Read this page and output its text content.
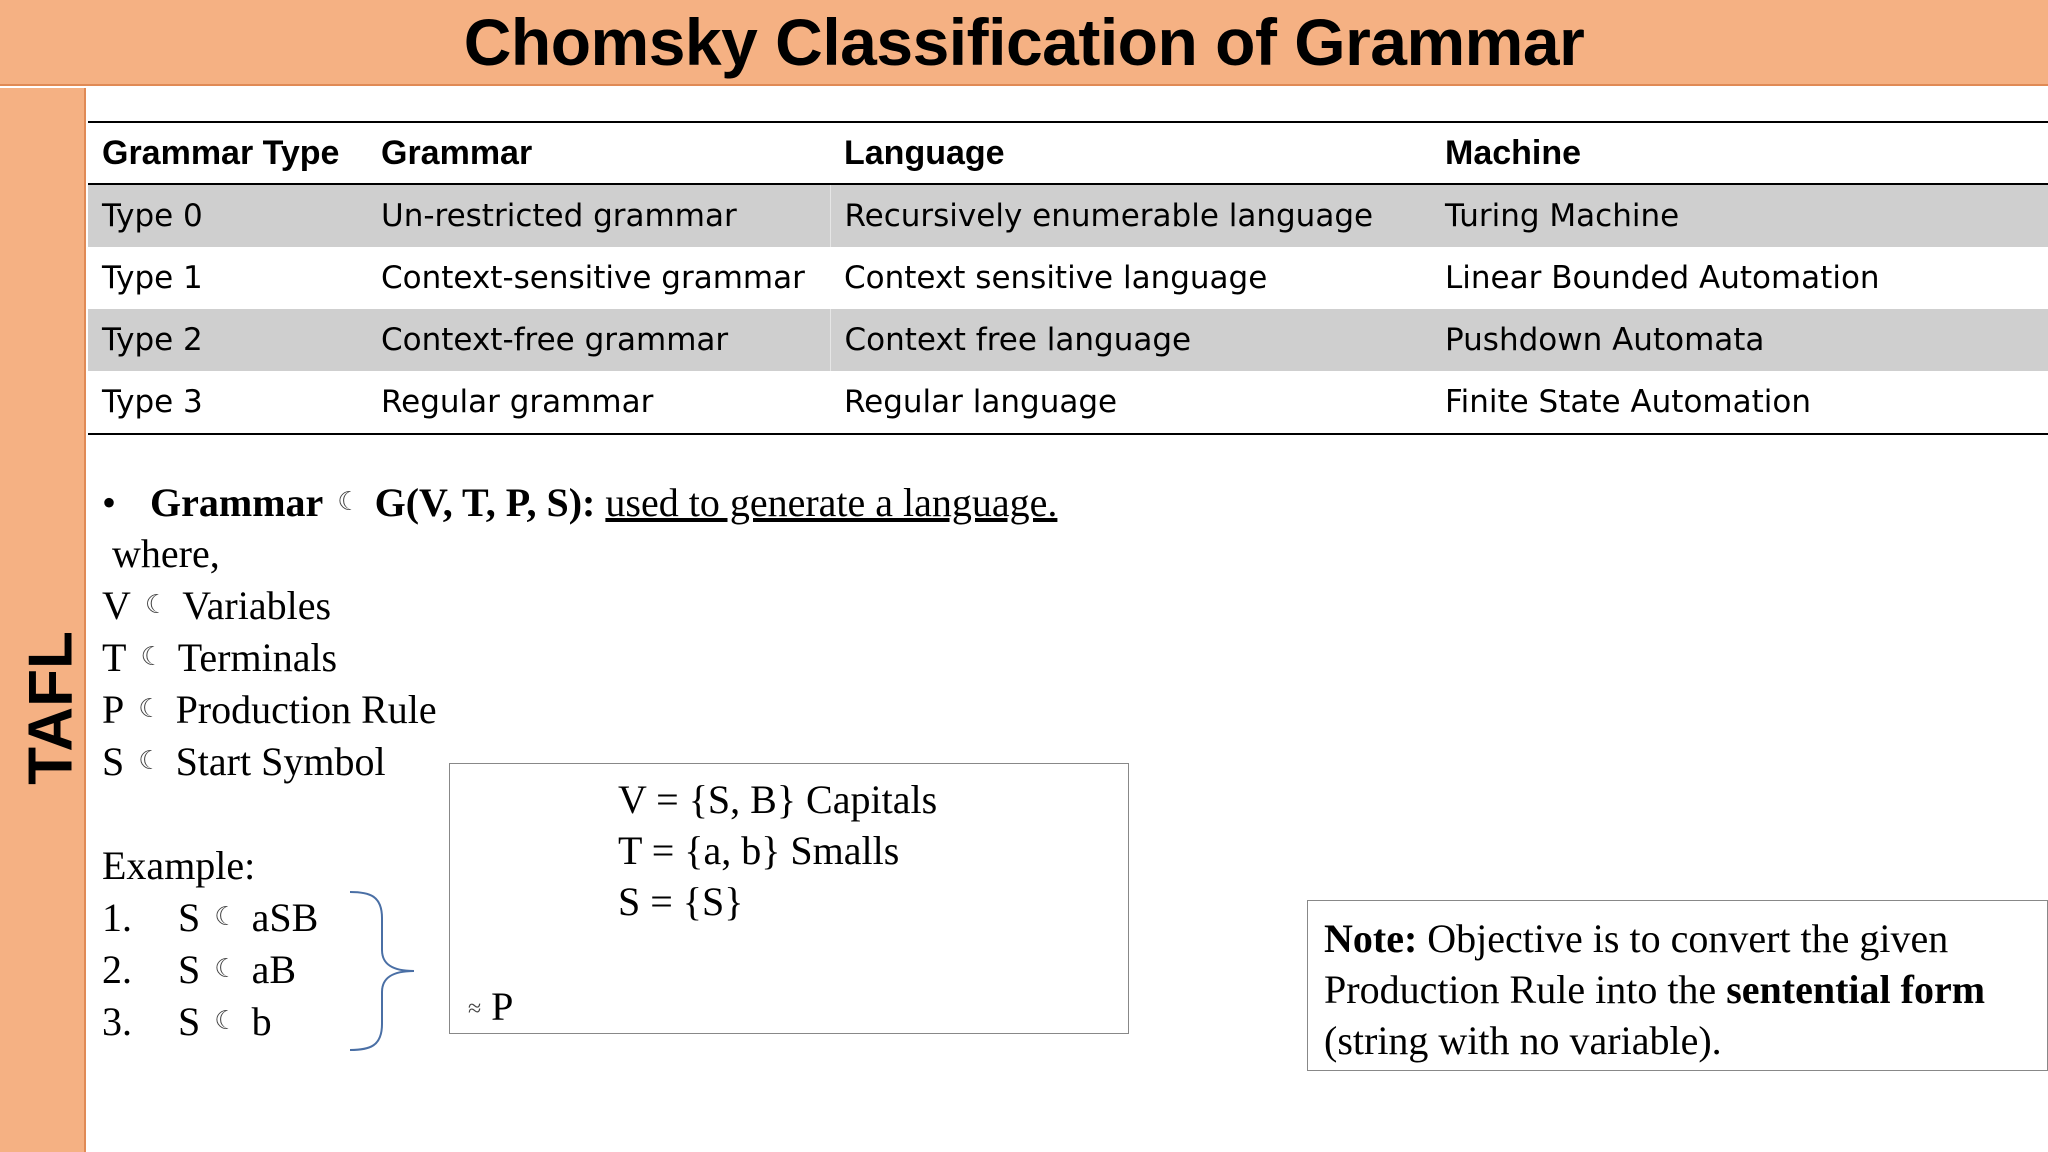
Chomsky Classification of Grammar
TAFL
Grammar Type	Grammar	Language	Machine
Type 0	Un-restricted grammar	Recursively enumerable language	Turing Machine
Type 1	Context-sensitive grammar	Context sensitive language	Linear Bounded Automation
Type 2	Context-free grammar	Context free language	Pushdown Automata
Type 3	Regular grammar	Regular language	Finite State Automation
• Grammar ☾ G(V, T, P, S): used to generate a language.
where,
V ☾ Variables
T ☾ Terminals
P ☾ Production Rule
S ☾ Start Symbol
Example:
1. S ☾ aSB
2. S ☾ aB
3. S ☾ b
V = {S, B} Capitals
T = {a, b} Smalls
S = {S}
≈ P
Note: Objective is to convert the given
Production Rule into the sentential form
(string with no variable).
